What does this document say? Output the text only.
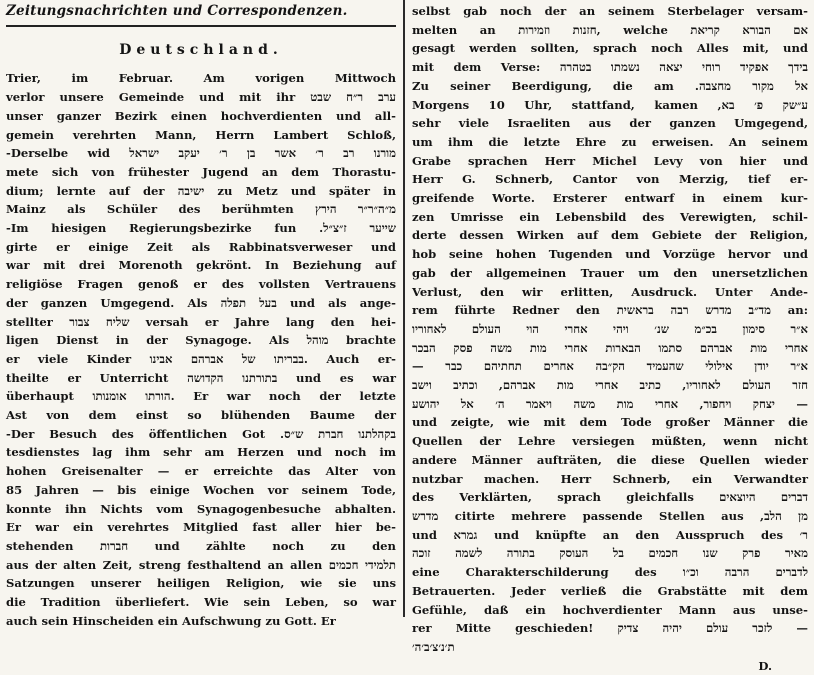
Zeitungsnachrichten und Correspondenzen.
Deutschland.
Trier, im Februar. Am vorigen Mittwoch
ערב ר״ח שבט verlor unsere Gemeinde und mit ihr
unser ganzer Bezirk einen hochverdienten und all-
gemein verehrten Mann, Herrn Lambert Schloß,
מורנו רב ר׳ אשר בן ר׳ יעקב ישראל Derselbe wid-
mete sich von frühester Jugend an dem Thorastu-
dium; lernte auf der ישיבה zu Metz und später in
Mainz als Schüler des berühmten מ״ה״ר״ר הירץ
שייער ז״צ״ל. Im hiesigen Regierungsbezirke fun-
girte er einige Zeit als Rabbinatsverweser und
war mit drei Morenoth gekrönt. In Beziehung auf
religiöse Fragen genoß er des vollsten Vertrauens
der ganzen Umgegend. Als בעל תפלה und als ange-
stellter שליח צבור versah er Jahre lang den hei-
ligen Dienst in der Synagoge. Als מוהל brachte
er viele Kinder בבריתו של אברהם אבינו. Auch er-
theilte er Unterricht בתורתנו הקדושה und es war
überhaupt הורתו אומנותו. Er war noch der letzte
Ast von dem einst so blühenden Baume der
בקהלתנו חברת ש״ס. Der Besuch des öffentlichen Got-
tesdienstes lag ihm sehr am Herzen und noch im
hohen Greisenalter — er erreichte das Alter von
85 Jahren — bis einige Wochen vor seinem Tode,
konnte ihn Nichts vom Synagogenbesuche abhalten.
Er war ein verehrtes Mitglied fast aller hier be-
stehenden חברות und zählte noch zu den
תלמידי חכמים aus der alten Zeit, streng festhaltend an allen
Satzungen unserer heiligen Religion, wie sie uns
die Tradition überliefert. Wie sein Leben, so war
auch sein Hinscheiden ein Aufschwung zu Gott. Er
selbst gab noch der an seinem Sterbelager versam-
melten an חזנות וזמירות, welche אם הבורא קריאת
gesagt werden sollten, sprach noch Alles mit, und
mit dem Verse: בידך אפקיד רוחי יצאה נשמתו בטהרה
אל מקור מחצבה. Zu seiner Beerdigung, die am
ע״שק פ׳ בא, Morgens 10 Uhr, stattfand, kamen
sehr viele Israeliten aus der ganzen Umgegend,
um ihm die letzte Ehre zu erweisen. An seinem
Grabe sprachen Herr Michel Levy von hier und
Herr G. Schnerb, Cantor von Merzig, tief er-
greifende Worte. Ersterer entwarf in einem kur-
zen Umrisse ein Lebensbild des Verewigten, schil-
derte dessen Wirken auf dem Gebiete der Religion,
hob seine hohen Tugenden und Vorzüge hervor und
gab der allgemeinen Trauer um den unersetzlichen
Verlust, den wir erlitten, Ausdruck. Unter Ande-
rem führte Redner den מד״ב מדרש רבה בראשית an:
א״ר סימון בכ״מ שנ׳ ויהי אחרי הוי העולם לאחוריו
אחרי מות אברהם סתמו הבארות אחרי מות משה פסק הבכר
א״ר יודן אילולי שהעמיד הק״בה אחרים תחתיהם כבר —
חזר העולם לאחוריו, כתיב אחרי מות אברהם, וכתיב וישב
— יצחק ויחפור, אחרי מות משה ויאמר ה׳ אל יהושע
und zeigte, wie mit dem Tode großer Männer die
Quellen der Lehre versiegen müßten, wenn nicht
andere Männer aufträten, die diese Quellen wieder
nutzbar machen. Herr Schnerb, ein Verwandter
des Verklärten, sprach gleichfalls דברים היוצאים
מן הלב, citirte mehrere passende Stellen aus מדרש
und גמרא und knüpfte an den Ausspruch des ר׳
מאיר פרק שנו חכמים בל העוסק בתורה לשמה זוכה
לדברים הרבה וכ״ו eine Charakterschilderung des
Betrauerten. Jeder verließ die Grabstätte mit dem
Gefühle, daß ein hochverdienter Mann aus unse-
rer Mitte geschieden! לזכר עולם יהיה צדיק —
ת׳נ׳צ׳ב׳ה׳
D.
